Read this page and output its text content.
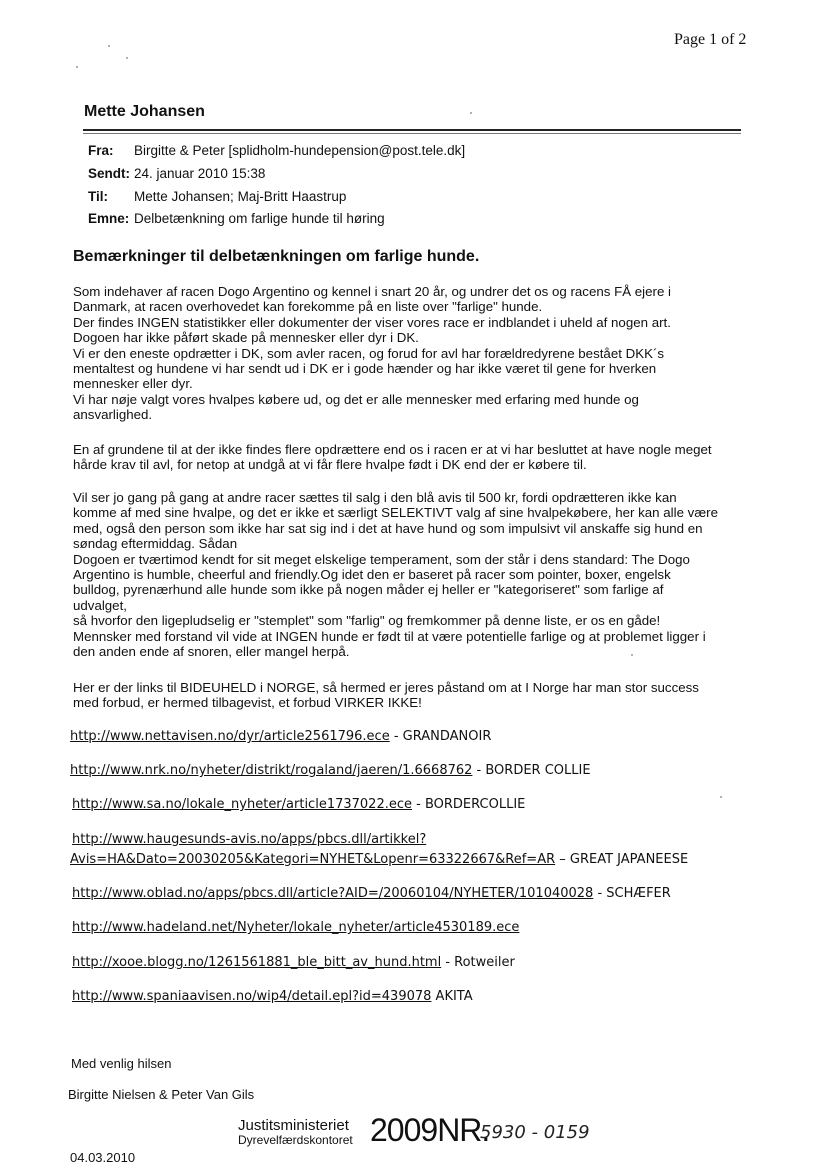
Page 1 of 2
Mette Johansen
Fra: Birgitte & Peter [splidholm-hundepension@post.tele.dk]
Sendt: 24. januar 2010 15:38
Til: Mette Johansen; Maj-Britt Haastrup
Emne: Delbetænkning om farlige hunde til høring
Bemærkninger til delbetænkningen om farlige hunde.

Som indehaver af racen Dogo Argentino og kennel i snart 20 år, og undrer det os og racens FÅ ejere i

Danmark, at racen overhovedet kan forekomme på en liste over "farlige" hunde.

Der findes INGEN statistikker eller dokumenter der viser vores race er indblandet i uheld af nogen art.

Dogoen har ikke påført skade på mennesker eller dyr i DK.

Vi er den eneste opdrætter i DK, som avler racen, og forud for avl har forældredyrene bestået DKK´s

mentaltest og hundene vi har sendt ud i DK er i gode hænder og har ikke været til gene for hverken

mennesker eller dyr.

Vi har nøje valgt vores hvalpes købere ud, og det er alle mennesker med erfaring med hunde og

ansvarlighed.

En af grundene til at der ikke findes flere opdrættere end os i racen er at vi har besluttet at have nogle meget

hårde krav til avl, for netop at undgå at vi får flere hvalpe født i DK end der er købere til.

Vil ser jo gang på gang at andre racer sættes til salg i den blå avis til 500 kr, fordi opdrætteren ikke kan

komme af med sine hvalpe, og det er ikke et særligt SELEKTIVT valg af sine hvalpekøbere, her kan alle være

med, også den person som ikke har sat sig ind i det at have hund og som impulsivt vil anskaffe sig hund en

søndag eftermiddag. Sådan

Dogoen er tværtimod kendt for sit meget elskelige temperament, som der står i dens standard: The Dogo

Argentino is humble, cheerful and friendly.Og idet den er baseret på racer som pointer, boxer, engelsk

bulldog, pyrenærhund alle hunde som ikke på nogen måder ej heller er "kategoriseret" som farlige af

udvalget,

så hvorfor den ligepludselig er "stemplet" som "farlig" og fremkommer på denne liste, er os en gåde!

Mennsker med forstand vil vide at INGEN hunde er født til at være potentielle farlige og at problemet ligger i

den anden ende af snoren, eller mangel herpå.

Her er der links til BIDEUHELD i NORGE, så hermed er jeres påstand om at I Norge har man stor success

med forbud, er hermed tilbagevist, et forbud VIRKER IKKE!

http://www.nettavisen.no/dyr/article2561796.ece - GRANDANOIR
http://www.nrk.no/nyheter/distrikt/rogaland/jaeren/1.6668762 - BORDER COLLIE
http://www.sa.no/lokale_nyheter/article1737022.ece - BORDERCOLLIE
http://www.haugesunds-avis.no/apps/pbcs.dll/artikkel?
Avis=HA&Dato=20030205&Kategori=NYHET&Lopenr=63322667&Ref=AR – GREAT JAPANEESE
http://www.oblad.no/apps/pbcs.dll/article?AID=/20060104/NYHETER/101040028 - SCHÆFER
http://www.hadeland.net/Nyheter/lokale_nyheter/article4530189.ece
http://xooe.blogg.no/1261561881_ble_bitt_av_hund.html - Rotweiler
http://www.spaniaavisen.no/wip4/detail.epl?id=439078 AKITA
Med venlig hilsen
Birgitte Nielsen & Peter Van Gils
Justitsministeriet
Dyrevelfærdskontoret 2009NR.
5930 - 0159
04.03.2010
